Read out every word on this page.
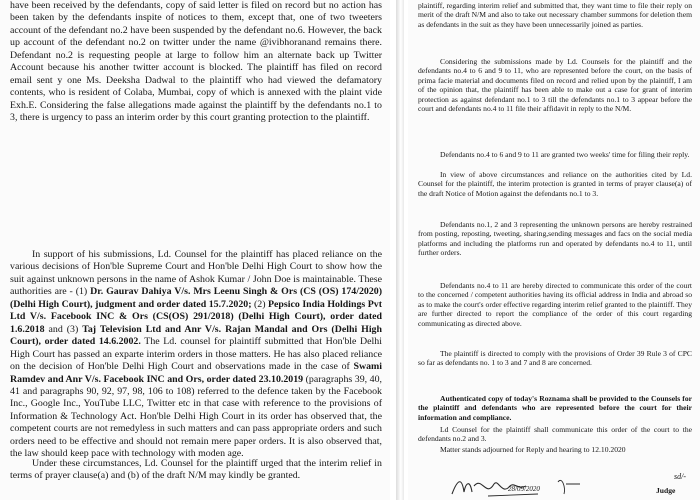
have been received by the defendants, copy of said letter is filed on record but no action has been taken by the defendants inspite of notices to them, except that, one of two tweeters account of the defendant no.2 have been suspended by the defendant no.6. However, the back up account of the defendant no.2 on twitter under the name @ivibhoranand remains there. Defendant no.2 is requesting people at large to follow him an alternate back up Twitter Account because his another twitter account is blocked. The plaintiff has filed on record email sent y one Ms. Deeksha Dadwal to the plaintiff who had viewed the defamatory contents, who is resident of Colaba, Mumbai, copy of which is annexed with the plaint vide Exh.E. Considering the false allegations made against the plaintiff by the defendants no.1 to 3, there is urgency to pass an interim order by this court granting protection to the plaintiff.

In support of his submissions, Ld. Counsel for the plaintiff has placed reliance on the various decisions of Hon'ble Supreme Court and Hon'ble Delhi High Court to show how the suit against unknown persons in the name of Ashok Kumar / John Doe is maintainable. These authorities are - (1) Dr. Gaurav Dahiya V/s. Mrs Leenu Singh & Ors (CS (OS) 174/2020) (Delhi High Court), judgment and order dated 15.7.2020; (2) Pepsico India Holdings Pvt Ltd V/s. Facebook INC & Ors (CS(OS) 291/2018) (Delhi High Court), order dated 1.6.2018 and (3) Taj Television Ltd and Anr V/s. Rajan Mandal and Ors (Delhi High Court), order dated 14.6.2002. The Ld. counsel for plaintiff submitted that Hon'ble Delhi High Court has passed an exparte interim orders in those matters. He has also placed reliance on the decision of Hon'ble Delhi High Court and observations made in the case of Swami Ramdev and Anr V/s. Facebook INC and Ors, order dated 23.10.2019 (paragraphs 39, 40, 41 and paragraphs 90, 92, 97, 98, 106 to 108) referred to the defence taken by the Facebook Inc., Google Inc., YouTube LLC, Twitter etc in that case with reference to the provisions of Information & Technology Act. Hon'ble Delhi High Court in its order has observed that, the competent courts are not remedyless in such matters and can pass appropriate orders and such orders need to be effective and should not remain mere paper orders. It is also observed that, the law should keep pace with technology with moden age.

Under these circumstances, Ld. Counsel for the plaintiff urged that the interim relief in terms of prayer clause(a) and (b) of the draft N/M may kindly be granted.

plaintiff, regarding interim relief and submitted that, they want time to file their reply on merit of the draft N/M and also to take out necessary chamber summons for deletion them as defendants in the suit as they have been unnecessarily joined as parties.

Considering the submissions made by Ld. Counsels for the plaintiff and the defendants no.4 to 6 and 9 to 11, who are represented before the court, on the basis of prima facie material and documents filed on record and relied upon by the plaintiff, I am of the opinion that, the plaintiff has been able to make out a case for grant of interim protection as against defendant no.1 to 3 till the defendants no.1 to 3 appear before the court and defendants no.4 to 11 file their affidavit in reply to the N/M.

Defendants no.4 to 6 and 9 to 11 are granted two weeks' time for filing their reply.

In view of above circumstances and reliance on the authorities cited by Ld. Counsel for the plaintiff, the interim protection is granted in terms of prayer clause(a) of the draft Notice of Motion against the defendants no.1 to 3.

Defendants no.1, 2 and 3 representing the unknown persons are hereby restrained from posting, reposting, tweeting, sharing,sending messages and facs on the social media platforms and including the platforms run and operated by defendants no.4 to 11, until further orders.

Defendants no.4 to 11 are hereby directed to communicate this order of the court to the concerned / competent authorities having its official address in India and abroad so as to make the court's order effective regarding interim relief granted to the plaintiff. They are further directed to report the compliance of the order of this court regarding communicating as directed above.

The plaintiff is directed to comply with the provisions of Order 39 Rule 3 of CPC so far as defendants no. 1 to 3 and 7 and 8 are concerned.

Authenticated copy of today's Roznama shall be provided to the Counsels for the plaintiff and defendants who are represented before the court for their information and compliance.

Ld Counsel for the plaintiff shall communicate this order of the court to the defendants no.2 and 3.

Matter stands adjourned for Reply and hearing to 12.10.2020

28/09/2020
sd/-
Judge
